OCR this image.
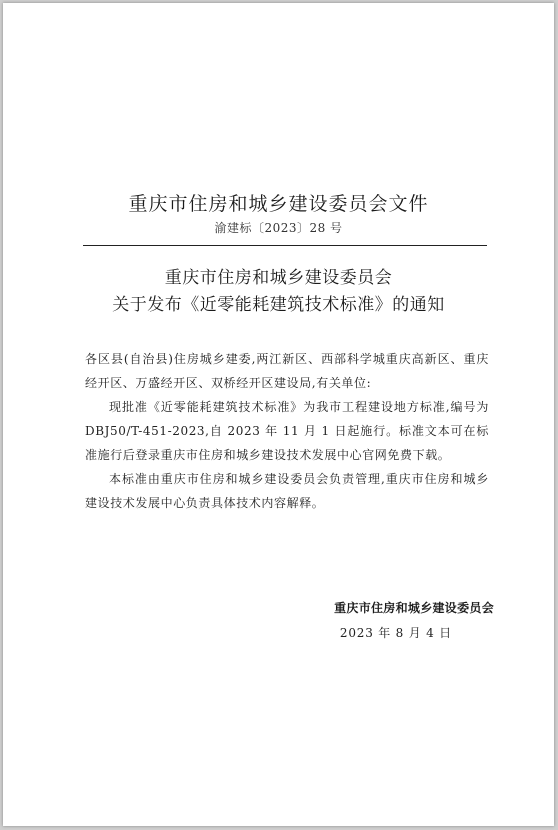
重庆市住房和城乡建设委员会文件
渝建标〔2023〕28 号
重庆市住房和城乡建设委员会
关于发布《近零能耗建筑技术标准》的通知

各区县(自治县)住房城乡建委,两江新区、西部科学城重庆高新区、重庆经开区、万盛经开区、双桥经开区建设局,有关单位:

现批准《近零能耗建筑技术标准》为我市工程建设地方标准,编号为 DBJ50/T-451-2023,自 2023 年 11 月 1 日起施行。标准文本可在标准施行后登录重庆市住房和城乡建设技术发展中心官网免费下载。

本标准由重庆市住房和城乡建设委员会负责管理,重庆市住房和城乡建设技术发展中心负责具体技术内容解释。

重庆市住房和城乡建设委员会
2023 年 8 月 4 日
